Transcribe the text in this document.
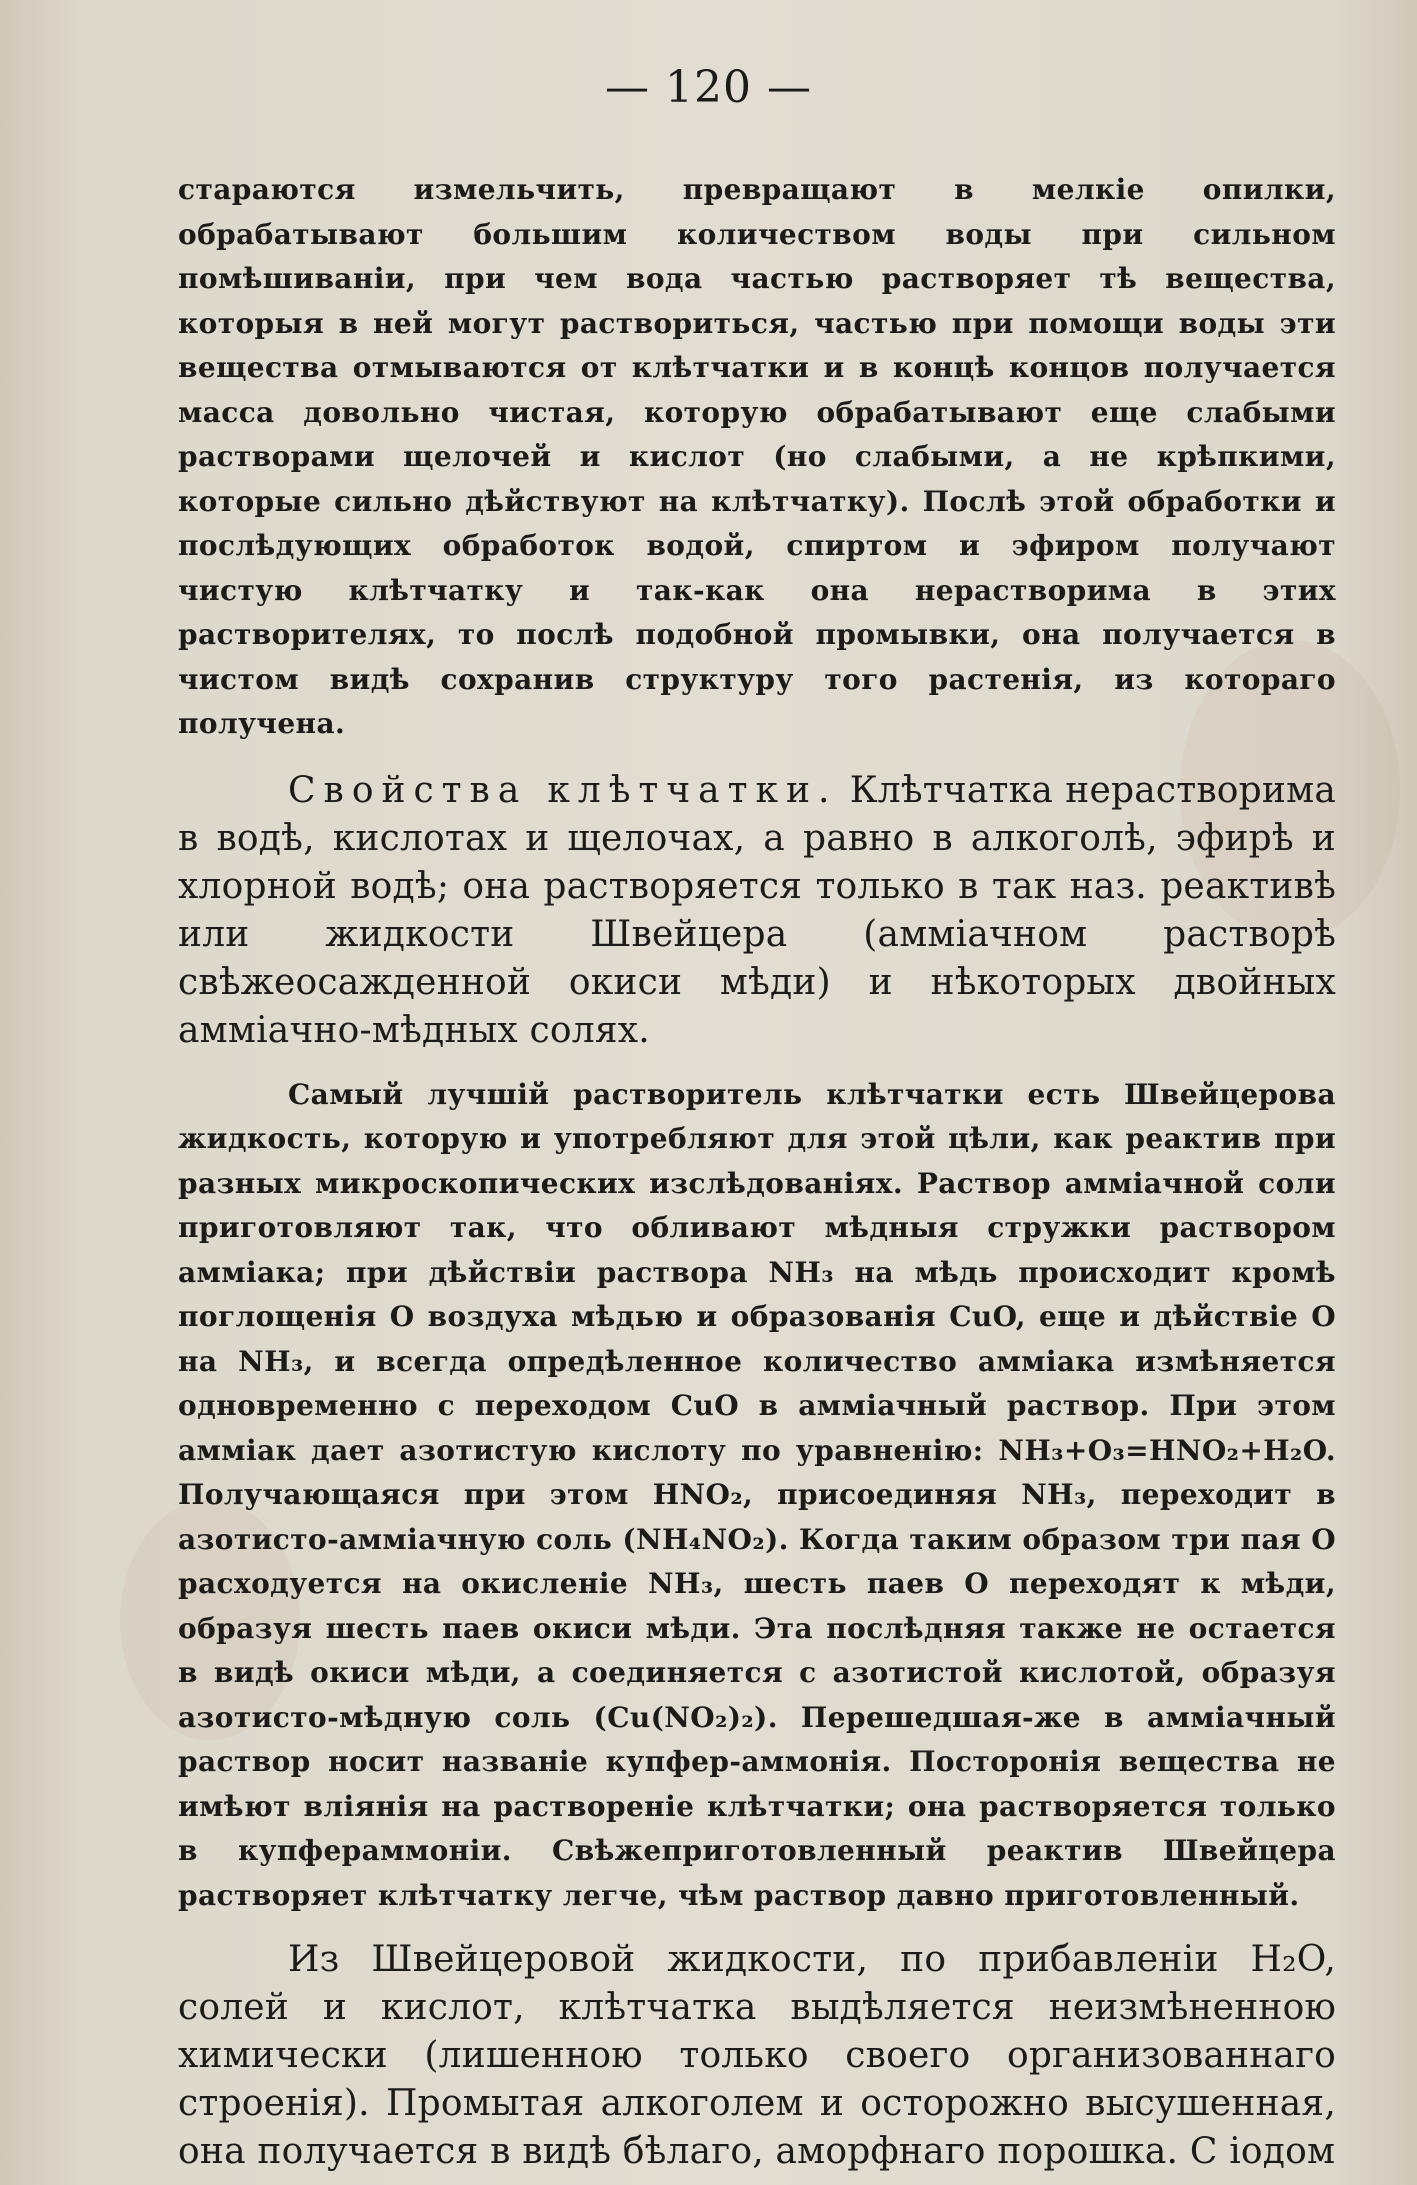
— 120 —

стараются измельчить, превращают в мелкіе опилки, обрабатывают большим количеством воды при сильном помѣшиваніи, при чем вода частью растворяет тѣ вещества, которыя в ней могут раствориться, частью при помощи воды эти вещества отмываются от клѣтчатки и в концѣ концов получается масса довольно чистая, которую обрабатывают еще слабыми растворами щелочей и кислот (но слабыми, а не крѣпкими, которые сильно дѣйствуют на клѣтчатку). Послѣ этой обработки и послѣдующих обработок водой, спиртом и эфиром получают чистую клѣтчатку и так-как она нерастворима в этих растворителях, то послѣ подобной промывки, она получается в чистом видѣ сохранив структуру того растенія, из котораго получена.

Свойства клѣтчатки. Клѣтчатка нерастворима в водѣ, кислотах и щелочах, а равно в алкоголѣ, эфирѣ и хлорной водѣ; она растворяется только в так наз. реактивѣ или жидкости Швейцера (амміачном растворѣ свѣжеосажденной окиси мѣди) и нѣкоторых двойных амміачно-мѣдных солях.

Самый лучшій растворитель клѣтчатки есть Швейцерова жидкость, которую и употребляют для этой цѣли, как реактив при разных микроскопических изслѣдованіях. Раствор амміачной соли приготовляют так, что обливают мѣдныя стружки раствором амміака; при дѣйствіи раствора NH₃ на мѣдь происходит кромѣ поглощенія O воздуха мѣдью и образованія CuO, еще и дѣйствіе O на NH₃, и всегда опредѣленное количество амміака измѣняется одновременно с переходом CuO в амміачный раствор. При этом амміак дает азотистую кислоту по уравненію: NH₃+O₃=HNO₂+H₂O. Получающаяся при этом HNO₂, присоединяя NH₃, переходит в азотисто-амміачную соль (NH₄NO₂). Когда таким образом три пая O расходуется на окисленіе NH₃, шесть паев O переходят к мѣди, образуя шесть паев окиси мѣди. Эта послѣдняя также не остается в видѣ окиси мѣди, а соединяется с азотистой кислотой, образуя азотисто-мѣдную соль (Cu(NO₂)₂). Перешедшая-же в амміачный раствор носит названіе купфер-аммонія. Посторонія вещества не имѣют вліянія на раствореніе клѣтчатки; она растворяется только в купфераммоніи. Свѣжеприготовленный реактив Швейцера растворяет клѣтчатку легче, чѣм раствор давно приготовленный.

Из Швейцеровой жидкости, по прибавленіи H₂O, солей и кислот, клѣтчатка выдѣляется неизмѣненною химически (лишенною только своего организованнаго строенія). Промытая алкоголем и осторожно высушенная, она получается в видѣ бѣлаго, аморфнаго порошка. С іодом
